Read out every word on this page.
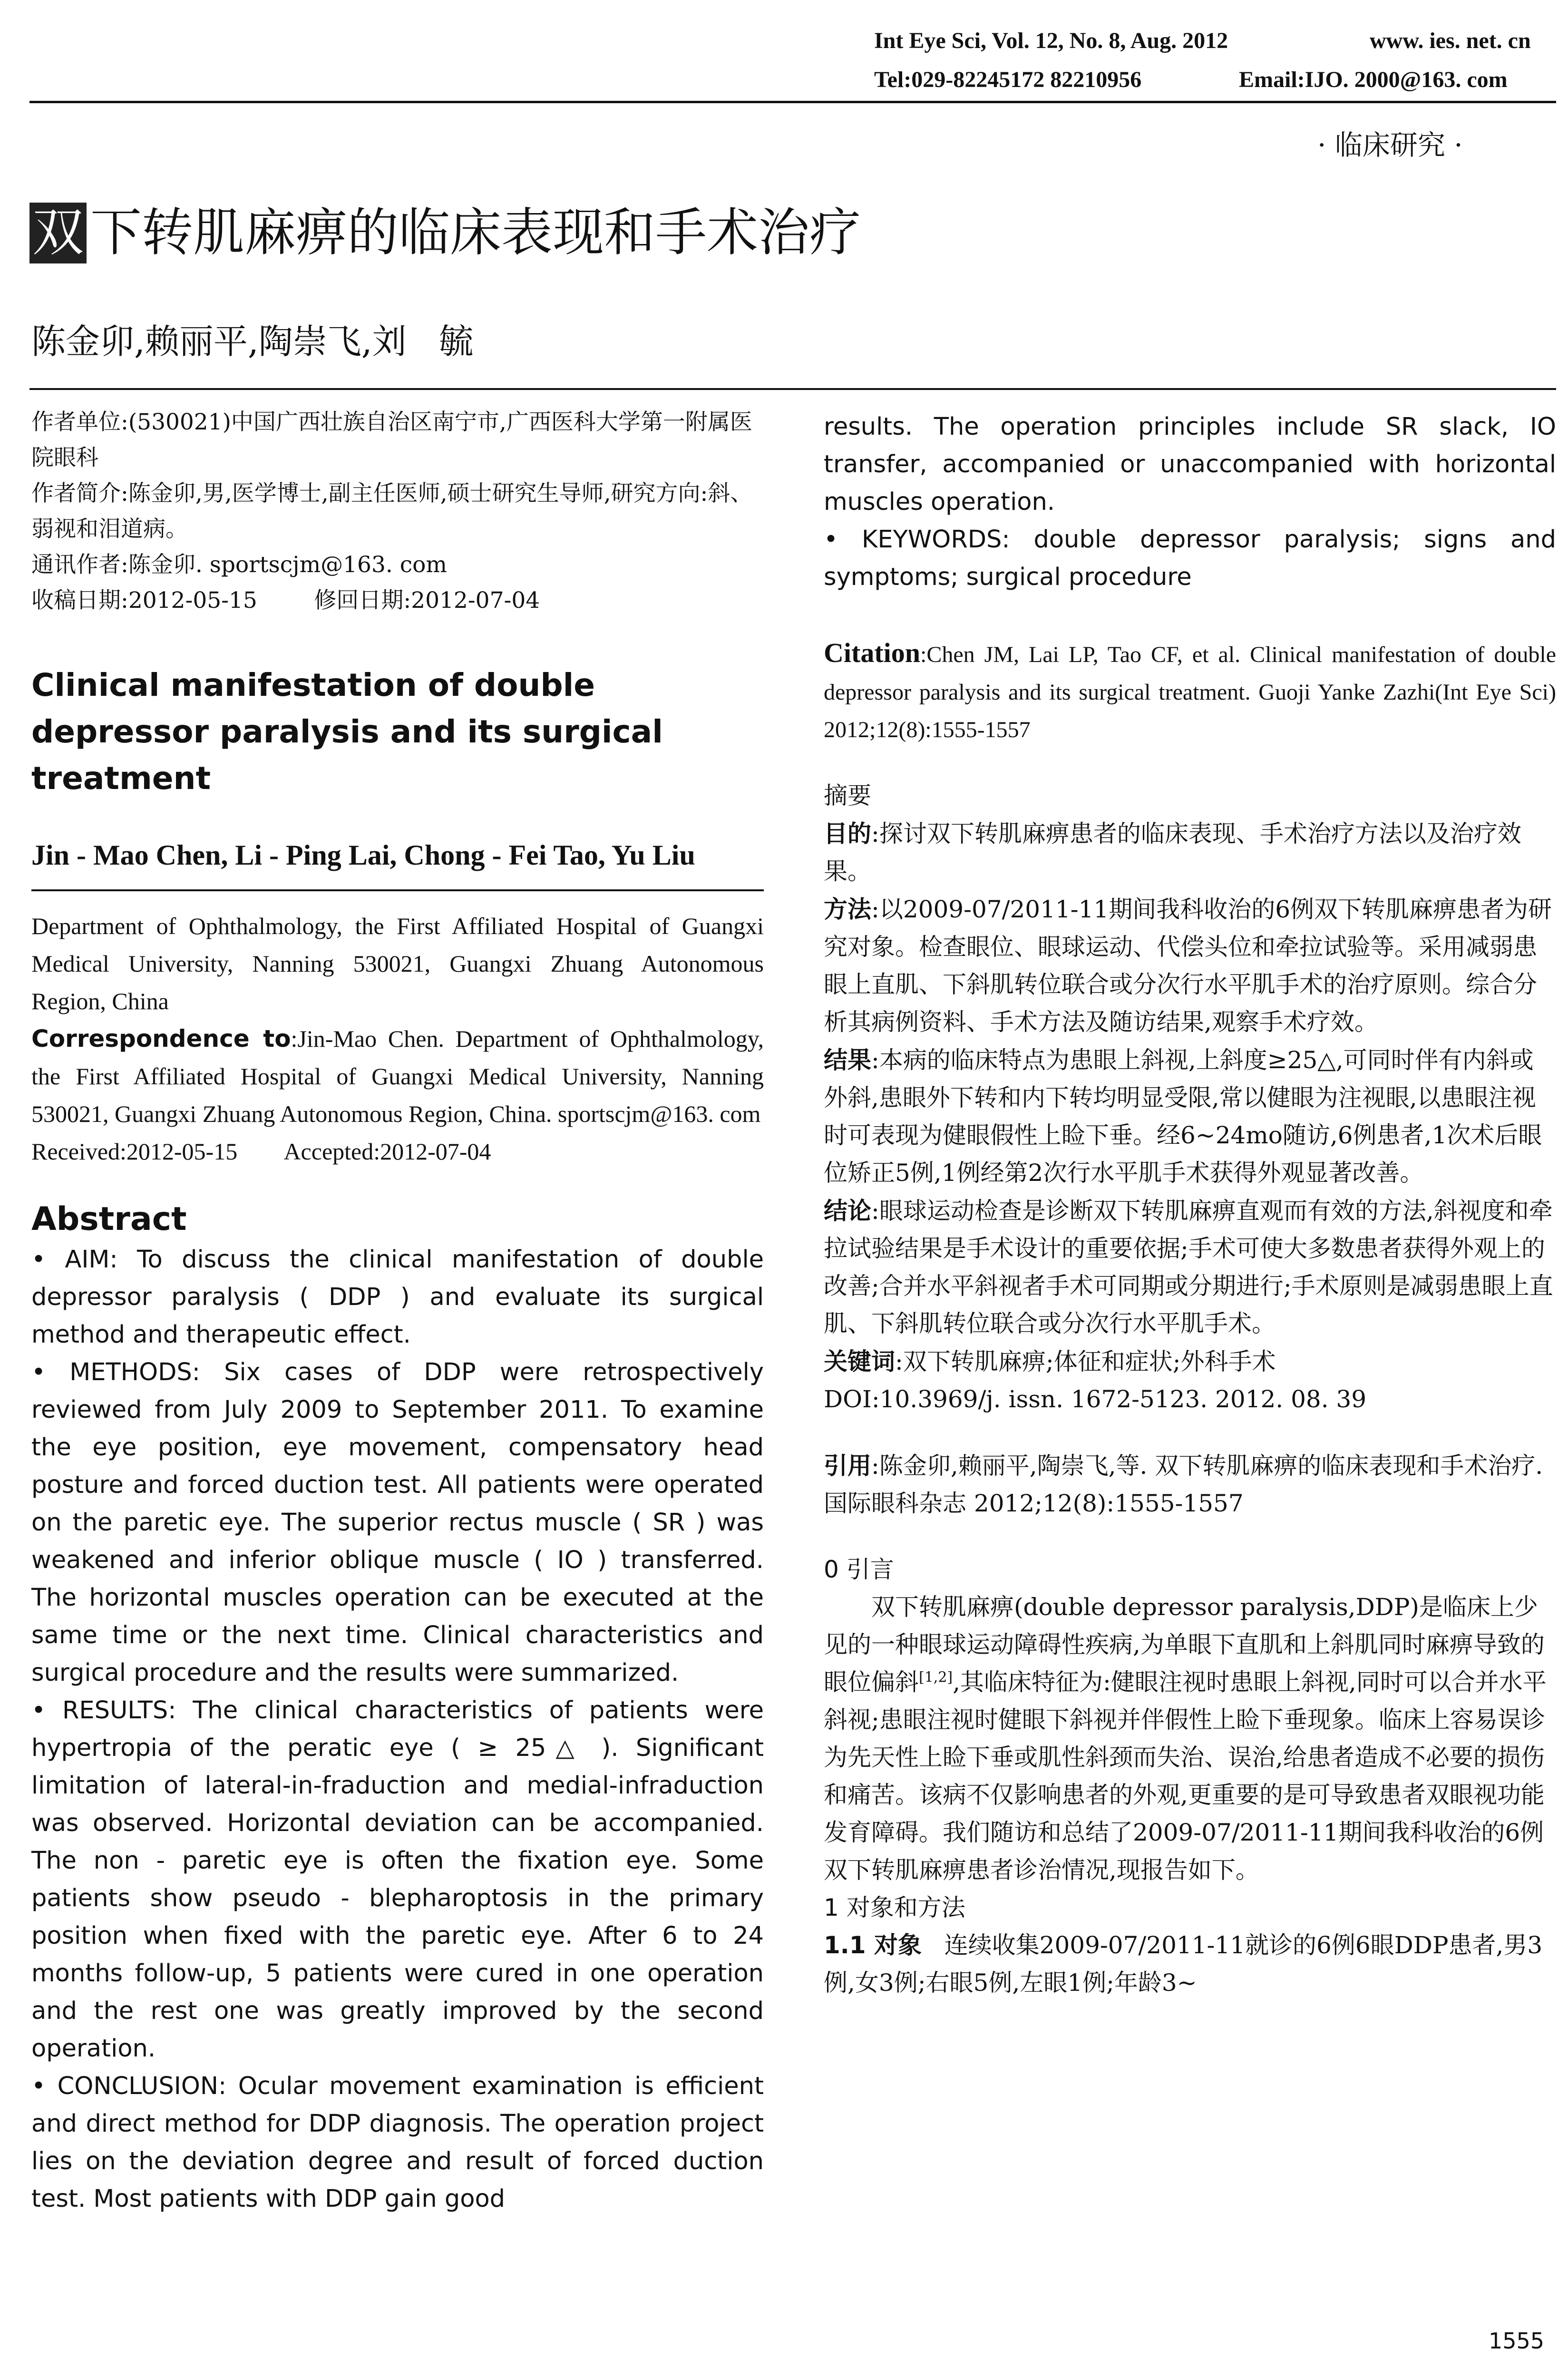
Int Eye Sci, Vol. 12, No. 8, Aug. 2012	www. ies. net. cn
Tel:029-82245172 82210956	Email:IJO. 2000@163. com
· 临床研究 ·
双 下转肌麻痹的临床表现和手术治疗
陈金卯,赖丽平,陶崇飞,刘   毓

作者单位:(530021)中国广西壮族自治区南宁市,广西医科大学第一附属医院眼科

作者简介:陈金卯,男,医学博士,副主任医师,硕士研究生导师,研究方向:斜、弱视和泪道病。

通讯作者:陈金卯. sportscjm@163. com

收稿日期:2012-05-15        修回日期:2012-07-04

Clinical manifestation of double depressor paralysis and its surgical treatment
Jin - Mao Chen, Li - Ping Lai, Chong - Fei Tao, Yu Liu

Department of Ophthalmology, the First Affiliated Hospital of Guangxi Medical University, Nanning 530021, Guangxi Zhuang Autonomous Region, China

Correspondence to:Jin-Mao Chen. Department of Ophthalmology, the First Affiliated Hospital of Guangxi Medical University, Nanning 530021, Guangxi Zhuang Autonomous Region, China. sportscjm@163. com

Received:2012-05-15        Accepted:2012-07-04

Abstract

• AIM: To discuss the clinical manifestation of double depressor paralysis ( DDP ) and evaluate its surgical method and therapeutic effect.

• METHODS: Six cases of DDP were retrospectively reviewed from July 2009 to September 2011. To examine the eye position, eye movement, compensatory head posture and forced duction test. All patients were operated on the paretic eye. The superior rectus muscle ( SR ) was weakened and inferior oblique muscle ( IO ) transferred. The horizontal muscles operation can be executed at the same time or the next time. Clinical characteristics and surgical procedure and the results were summarized.

• RESULTS: The clinical characteristics of patients were hypertropia of the peratic eye ( ≥ 25△ ). Significant limitation of lateral-in-fraduction and medial-infraduction was observed. Horizontal deviation can be accompanied. The non - paretic eye is often the fixation eye. Some patients show pseudo - blepharoptosis in the primary position when fixed with the paretic eye. After 6 to 24 months follow-up, 5 patients were cured in one operation and the rest one was greatly improved by the second operation.

• CONCLUSION: Ocular movement examination is efficient and direct method for DDP diagnosis. The operation project lies on the deviation degree and result of forced duction test. Most patients with DDP gain good

results. The operation principles include SR slack, IO transfer, accompanied or unaccompanied with horizontal muscles operation.

• KEYWORDS: double depressor paralysis; signs and symptoms; surgical procedure

Citation:Chen JM, Lai LP, Tao CF, et al. Clinical manifestation of double depressor paralysis and its surgical treatment. Guoji Yanke Zazhi(Int Eye Sci) 2012;12(8):1555-1557

摘要

目的:探讨双下转肌麻痹患者的临床表现、手术治疗方法以及治疗效果。

方法:以2009-07/2011-11期间我科收治的6例双下转肌麻痹患者为研究对象。检查眼位、眼球运动、代偿头位和牵拉试验等。采用减弱患眼上直肌、下斜肌转位联合或分次行水平肌手术的治疗原则。综合分析其病例资料、手术方法及随访结果,观察手术疗效。

结果:本病的临床特点为患眼上斜视,上斜度≥25△,可同时伴有内斜或外斜,患眼外下转和内下转均明显受限,常以健眼为注视眼,以患眼注视时可表现为健眼假性上睑下垂。经6~24mo随访,6例患者,1次术后眼位矫正5例,1例经第2次行水平肌手术获得外观显著改善。

结论:眼球运动检查是诊断双下转肌麻痹直观而有效的方法,斜视度和牵拉试验结果是手术设计的重要依据;手术可使大多数患者获得外观上的改善;合并水平斜视者手术可同期或分期进行;手术原则是减弱患眼上直肌、下斜肌转位联合或分次行水平肌手术。

关键词:双下转肌麻痹;体征和症状;外科手术

DOI:10.3969/j. issn. 1672-5123. 2012. 08. 39

引用:陈金卯,赖丽平,陶崇飞,等. 双下转肌麻痹的临床表现和手术治疗. 国际眼科杂志 2012;12(8):1555-1557

0 引言

双下转肌麻痹(double depressor paralysis,DDP)是临床上少见的一种眼球运动障碍性疾病,为单眼下直肌和上斜肌同时麻痹导致的眼位偏斜[1,2],其临床特征为:健眼注视时患眼上斜视,同时可以合并水平斜视;患眼注视时健眼下斜视并伴假性上睑下垂现象。临床上容易误诊为先天性上睑下垂或肌性斜颈而失治、误治,给患者造成不必要的损伤和痛苦。该病不仅影响患者的外观,更重要的是可导致患者双眼视功能发育障碍。我们随访和总结了2009-07/2011-11期间我科收治的6例双下转肌麻痹患者诊治情况,现报告如下。

1 对象和方法

1.1 对象   连续收集2009-07/2011-11就诊的6例6眼DDP患者,男3例,女3例;右眼5例,左眼1例;年龄3~

1555
